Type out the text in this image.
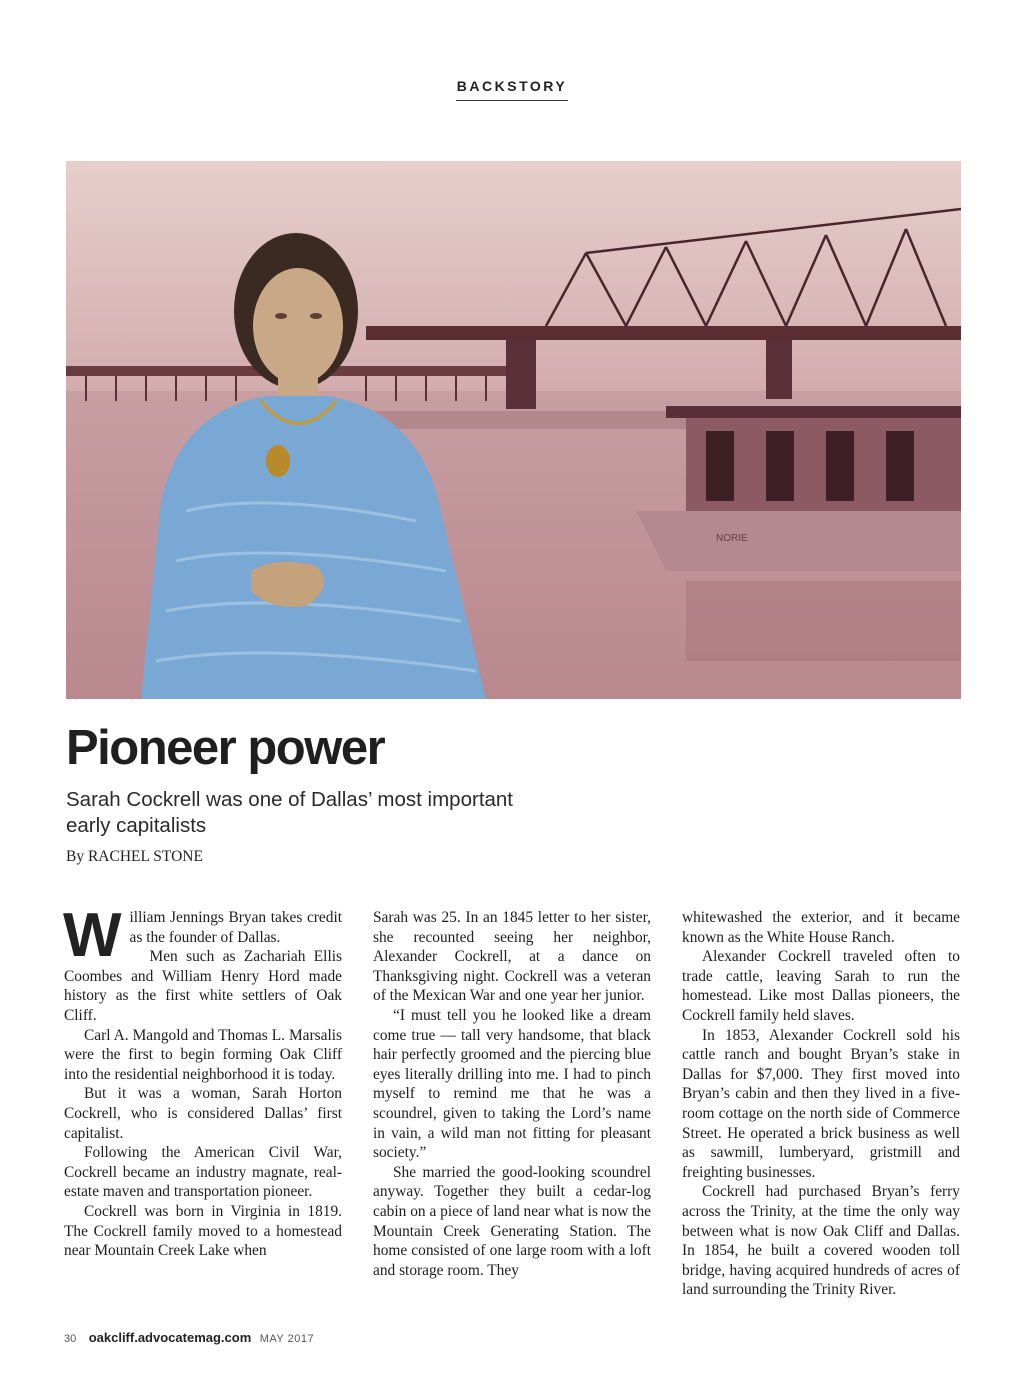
BACKSTORY
NORIE
Pioneer power
Sarah Cockrell was one of Dallas’ most important early capitalists
By RACHEL STONE

William Jennings Bryan takes credit as the founder of Dallas.

Men such as Zachariah Ellis Coombes and William Henry Hord made history as the first white settlers of Oak Cliff.

Carl A. Mangold and Thomas L. Marsalis were the first to begin forming Oak Cliff into the residential neighborhood it is today.

But it was a woman, Sarah Horton Cockrell, who is considered Dallas’ first capitalist.

Following the American Civil War, Cockrell became an industry magnate, real-estate maven and transportation pioneer.

Cockrell was born in Virginia in 1819. The Cockrell family moved to a homestead near Mountain Creek Lake when

Sarah was 25. In an 1845 letter to her sister, she recounted seeing her neighbor, Alexander Cockrell, at a dance on Thanksgiving night. Cockrell was a veteran of the Mexican War and one year her junior.

“I must tell you he looked like a dream come true — tall very handsome, that black hair perfectly groomed and the piercing blue eyes literally drilling into me. I had to pinch myself to remind me that he was a scoundrel, given to taking the Lord’s name in vain, a wild man not fitting for pleasant society.”

She married the good-looking scoundrel anyway. Together they built a cedar-log cabin on a piece of land near what is now the Mountain Creek Generating Station. The home consisted of one large room with a loft and storage room. They

whitewashed the exterior, and it became known as the White House Ranch.

Alexander Cockrell traveled often to trade cattle, leaving Sarah to run the homestead. Like most Dallas pioneers, the Cockrell family held slaves.

In 1853, Alexander Cockrell sold his cattle ranch and bought Bryan’s stake in Dallas for $7,000. They first moved into Bryan’s cabin and then they lived in a five-room cottage on the north side of Commerce Street. He operated a brick business as well as sawmill, lumberyard, gristmill and freighting businesses.

Cockrell had purchased Bryan’s ferry across the Trinity, at the time the only way between what is now Oak Cliff and Dallas. In 1854, he built a covered wooden toll bridge, having acquired hundreds of acres of land surrounding the Trinity River.

30 oakcliff.advocatemag.com MAY 2017
